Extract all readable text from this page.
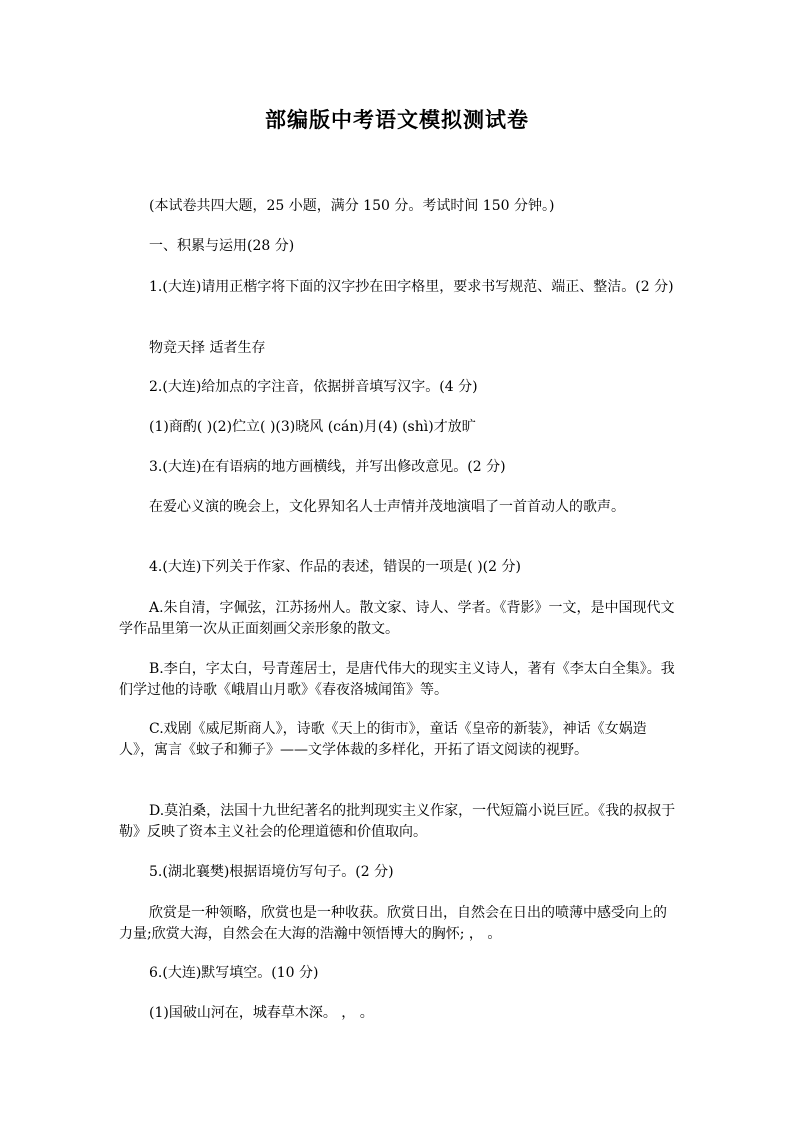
部编版中考语文模拟测试卷
(本试卷共四大题，25 小题，满分 150 分。考试时间 150 分钟。)
一、积累与运用(28 分)
1.(大连)请用正楷字将下面的汉字抄在田字格里，要求书写规范、端正、整洁。(2 分)
物竞天择 适者生存
2.(大连)给加点的字注音，依据拼音填写汉字。(4 分)
(1)商酌( )(2)伫立( )(3)晓风 (cán)月(4) (shì)才放旷
3.(大连)在有语病的地方画横线，并写出修改意见。(2 分)
在爱心义演的晚会上，文化界知名人士声情并茂地演唱了一首首动人的歌声。
4.(大连)下列关于作家、作品的表述，错误的一项是( )(2 分)
A.朱自清，字佩弦，江苏扬州人。散文家、诗人、学者。《背影》一文，是中国现代文学作品里第一次从正面刻画父亲形象的散文。
B.李白，字太白，号青莲居士，是唐代伟大的现实主义诗人，著有《李太白全集》。我们学过他的诗歌《峨眉山月歌》《春夜洛城闻笛》等。
C.戏剧《威尼斯商人》，诗歌《天上的街市》，童话《皇帝的新装》，神话《女娲造人》，寓言《蚊子和狮子》——文学体裁的多样化，开拓了语文阅读的视野。
D.莫泊桑，法国十九世纪著名的批判现实主义作家，一代短篇小说巨匠。《我的叔叔于勒》反映了资本主义社会的伦理道德和价值取向。
5.(湖北襄樊)根据语境仿写句子。(2 分)
欣赏是一种领略，欣赏也是一种收获。欣赏日出，自然会在日出的喷薄中感受向上的力量;欣赏大海，自然会在大海的浩瀚中领悟博大的胸怀; ， 。
6.(大连)默写填空。(10 分)
(1)国破山河在，城春草木深。 ， 。
